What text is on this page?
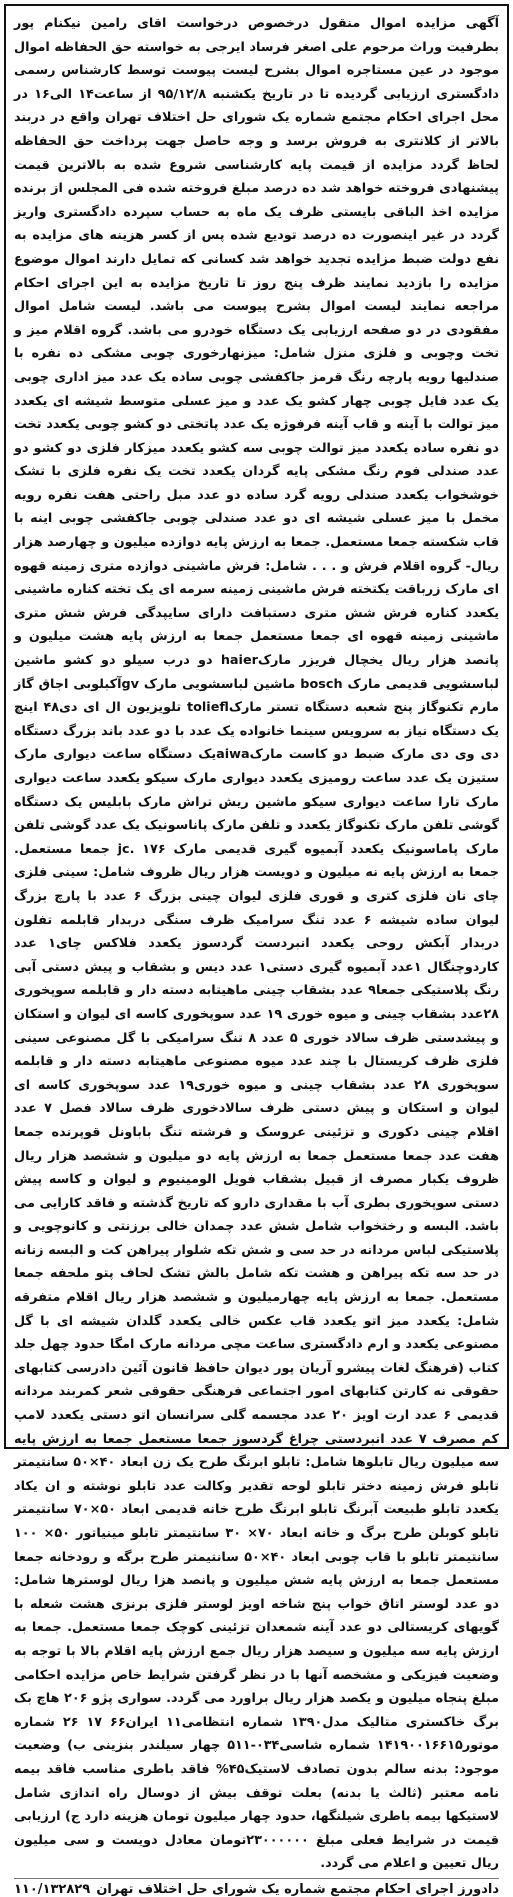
آگهی مزایده اموال منقول درخصوص درخواست اقای رامین نیکنام پور بطرفیت وراث مرحوم علی اصغر فرساد ایرجی به خواسته حق الحفاظه اموال موجود در عین مستاجره اموال بشرح لیست پیوست توسط کارشناس رسمی دادگستری ارزیابی گردیده تا در تاریخ یکشنبه ۹۵/۱۲/۸ از ساعت۱۴ الی۱۶ در محل اجرای احکام مجتمع شماره یک شورای حل اختلاف تهران واقع در دربند بالاتر از کلانتری به فروش برسد و وجه حاصل جهت پرداخت حق الحفاظه لحاظ گردد مزایده از قیمت پایه کارشناسی شروع شده به بالاترین قیمت پیشنهادی فروخته خواهد شد ده درصد مبلغ فروخته شده فی المجلس از برنده مزایده اخذ الباقی بایستی ظرف یک ماه به حساب سپرده دادگستری واریز گردد در غیر اینصورت ده درصد تودیع شده پس از کسر هزینه های مزایده به نفع دولت ضبط مزایده تجدید خواهد شد کسانی که تمایل دارند اموال موضوع مزایده را بازدید نمایند ظرف پنج روز تا تاریخ مزایده به این اجرای احکام مراجعه نمایند لیست اموال بشرح پیوست می باشد. لیست شامل اموال مفقودی در دو صفحه ارزیابی یک دستگاه خودرو می باشد. گروه اقلام میز و تخت وچوبی و فلزی منزل شامل: میزنهارخوری چوبی مشکی ده نفره با صندلیها رویه پارچه رنگ قرمز جاکفشی چوبی ساده یک عدد میز اداری چوبی یک عدد فایل چوبی چهار کشو یک عدد و میز عسلی متوسط شیشه ای یکعدد میز توالت با آینه و قاب آینه فرفوژه یک عدد پاتختی دو کشو چوبی یکعدد تخت دو نفره ساده یکعدد میز توالت چوبی سه کشو یکعدد میزکار فلزی دو کشو دو عدد صندلی فوم رنگ مشکی پایه گردان یکعدد تخت یک نفره فلزی با تشک خوشخواب یکعدد صندلی رویه گرد ساده دو عدد مبل راحتی هفت نفره رویه مخمل با میز عسلی شیشه ای دو عدد صندلی چوبی جاکفشی چوبی اینه با قاب شکسته جمعا مستعمل. جمعا به ارزش پایه دوازده میلیون و چهارصد هزار ریال- گروه اقلام فرش و . . . شامل: فرش ماشینی دوازده متری زمینه قهوه ای مارک زرباقت یکتخته فرش ماشینی زمینه سرمه ای یک تخته کناره ماشینی یکعدد کناره فرش شش متری دستبافت دارای سایپدگی فرش شش متری ماشینی زمینه قهوه ای جمعا مستعمل جمعا به ارزش پایه هشت میلیون و پانصد هزار ریال یخچال فریزر مارکhaier دو درب سیلو دو کشو ماشین لباسشویی قدیمی مارک bosch ماشین لباسشویی مارک gvآکبلوبی اجاق گاز مارم تکنوگاز پنج شعبه دستگاه تستر مارکtoliefl تلویزیون ال ای دی۴۸ اینچ یک دستگاه نیاز به سرویس سینما خانواده یک عدد با دو عدد باند بزرگ دستگاه دی وی دی مارک ضبط دو کاست مارکaiwaیک دستگاه ساعت دیواری مارک ستیزن یک عدد ساعت رومیزی یکعدد دیواری مارک سیکو یکعدد ساعت دیواری مارک تارا ساعت دیواری سیکو ماشین ریش تراش مارک بابلیس یک دستگاه گوشی تلفن مارک تکنوگاز یکعدد و تلفن مارک پاناسونیک یک عدد گوشی تلفن مارک پاماسونیک یکعدد آبمیوه گیری قدیمی مارک jc. ۱۷۶ جمعا مستعمل. جمعا به ارزش پایه نه میلیون و دویست هزار ریال ظروف شامل: سینی فلزی چای نان فلزی کتری و قوری فلزی لیوان چینی بزرگ ۶ عدد با پارچ بزرگ لیوان ساده شیشه ۶ عدد تنگ سرامیک ظرف سنگی دربدار قابلمه تفلون دربدار آبکش روحی یکعدد انبردست گردسوز یکعدد فلاکس چای۱ عدد کاردوچنگال ۱عدد آبمیوه گیری دستی۱ عدد دیس و بشقاب و پیش دستی آبی رنگ پلاستیکی جمعا۹ عدد بشقاب چینی ماهیتابه دسته دار و قابلمه سوپخوری ۲۸عدد بشقاب چینی و میوه خوری ۱۹ عدد سوپخوری کاسه ای لیوان و استکان و پیشدستی ظرف سالاد خوری ۵ عدد ۸ تنگ سرامیکی با گل مصنوعی سینی فلزی ظرف کریستال با چند عدد میوه مصنوعی ماهیتابه دسته دار و قابلمه سوپخوری ۲۸ عدد بشقاب چینی و میوه خوری۱۹ عدد سوپخوری کاسه ای لیوان و استکان و پیش دستی ظرف سالادخوری ظرف سالاد فصل ۷ عدد اقلام چینی دکوری و تزئینی عروسک و فرشته تنگ باباونل قوپرنده جمعا هفت عدد جمعا مستعمل جمعا به ارزش پایه دو میلیون و ششصد هزار ریال ظروف یکبار مصرف از قبیل بشقاب فویل الومینیوم و لیوان و کاسه پیش دستی سوپخوری بطری آب با مقداری دارو که تاریخ گذشته و فاقد کارایی می باشد. البسه و رختخواب شامل شش عدد چمدان خالی برزنتی و کانوچویی و پلاستیکی لباس مردانه در حد سی و شش تکه شلوار پیراهن کت و البسه زنانه در حد سه تکه پیراهن و هشت تکه شامل بالش تشک لحاف پتو ملحفه جمعا مستعمل. جمعا به ارزش پایه چهارمیلیون و ششصد هزار ریال اقلام متفرقه شامل: یکعدد میز اتو یکعدد قاب عکس خالی یکعدد گلدان شیشه ای با گل مصنوعی یکعدد و ارم دادگستری ساعت مچی مردانه مارک امگا حدود چهل جلد کتاب (فرهنگ لغات پیشرو آریان پور دیوان حافظ قانون آئین دادرسی کتابهای حقوقی نه کارتن کتابهای امور اجتماعی فرهنگی حقوقی شعر کمربند مردانه قدیمی ۶ عدد ارت اویز ۲۰ عدد مجسمه گلی سرانسان اتو دستی یکعدد لامپ کم مصرف ۷ عدد انبردستی چراغ گردسوز جمعا مستعمل جمعا به ارزش پایه سه میلیون ریال تابلوها شامل: تابلو ابرنگ طرح یک زن ابعاد ۴۰×۵۰ سانتیمتر تابلو فرش زمینه دختر تابلو لوحه تقدیر وکالت عدد تابلو نوشته و ان یکاد یکعدد تابلو طبیعت آبرنگ تابلو ابرنگ طرح خانه قدیمی ابعاد ۵۰×۷۰ سانتیمتر تابلو کوبلن طرح برگ و خانه ابعاد ۷۰× ۳۰ سانتیمتر تابلو مینیاتور ۵۰× ۱۰۰ سانتیمتر تابلو با قاب چوبی ابعاد ۴۰×۵۰ سانتیمتر طرح برگه و رودخانه جمعا مستعمل جمعا به ارزش پایه شش میلیون و پانصد هزا ریال لوسترها شامل: دو عدد لوستر اتاق خواب پنج شاخه اویز لوستر فلزی برنزی هشت شعله با گویهای کریستالی دو عدد آینه شمعدان تزئینی کوچک جمعا مستعمل. جمعا به ارزش پایه سه میلیون و سیصد هزار ریال جمع ارزش پایه اقلام بالا با توجه به وضعیت فیزیکی و مشخصه آنها با در نظر گرفتن شرایط خاص مزایده احکامی مبلغ پنجاه میلیون و یکصد هزار ریال براورد می گردد. سواری پژو ۲۰۶ هاچ بک برگ خاکستری متالیک مدل۱۳۹۰ شماره انتظامی۱۱ ایران۶۶ ۱۷ ۲۶ شماره موتور۱۴۱۹۰۰۱۶۶۱۵ شماره شاسی۰۳۴-۵۱۱ چهار سیلندر بنزینی ب) وضعیت موجود: بدنه سالم بدون تصادف لاستیک۴۵% فاقد باطری مناسب فاقد بیمه نامه معتبر (ثالث یا بدنه) بعلت توقف بیش از دوسال راه اندازی شامل لاستیکها بیمه باطری شیلنگها، حدود چهار میلیون تومان هزینه دارد ج) ارزیابی قیمت در شرایط فعلی مبلغ ۲۳۰۰۰۰۰۰تومان معادل دویست و سی میلیون ریال تعیین و اعلام می گردد.

دادورز اجرای احکام مجتمع شماره یک شورای حل اختلاف تهران
۱۱۰/۱۳۲۸۲۹
